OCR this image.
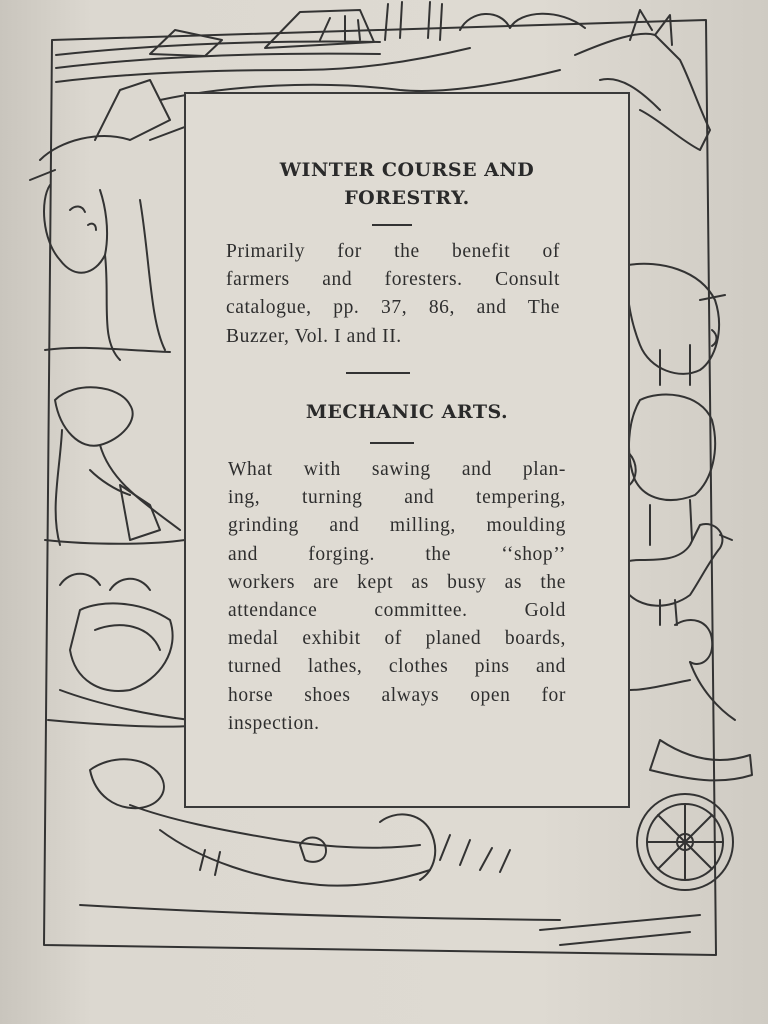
WINTER COURSE AND
FORESTRY.
Primarily for the benefit of
farmers and foresters. Consult
catalogue, pp. 37, 86, and The
Buzzer, Vol. I and II.
MECHANIC ARTS.
What with sawing and plan-
ing, turning and tempering,
grinding and milling, moulding
and forging. the ‘‘shop’’
workers are kept as busy as the
attendance committee. Gold
medal exhibit of planed boards,
turned lathes, clothes pins and
horse shoes always open for
inspection.
